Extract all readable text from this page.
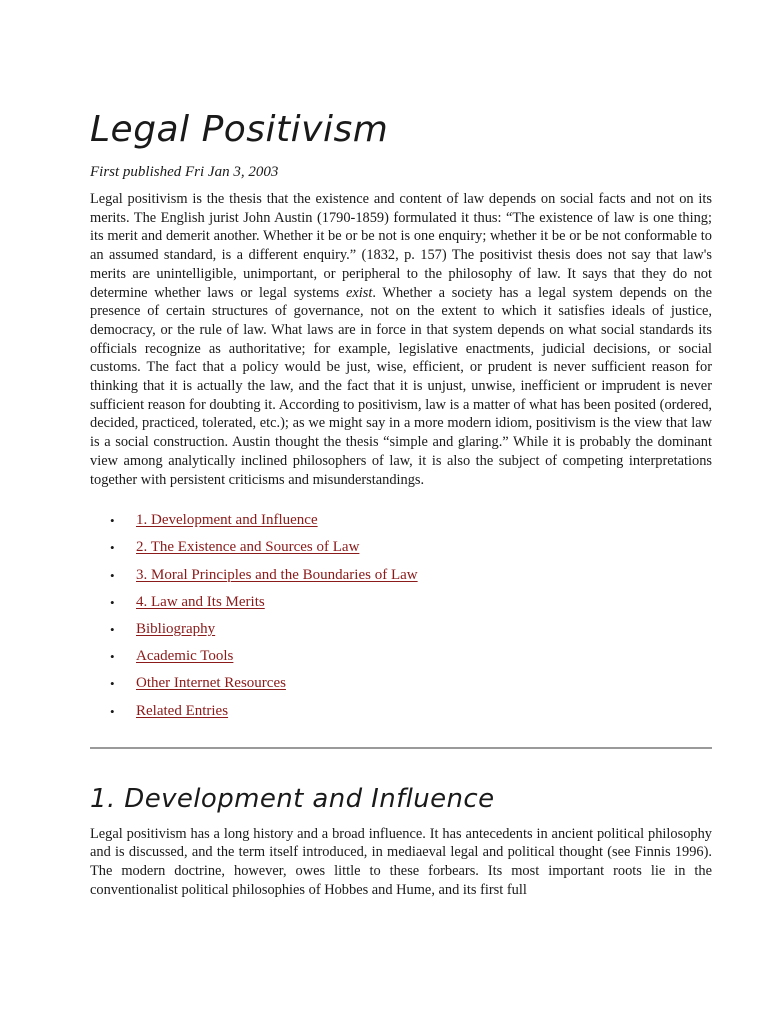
Legal Positivism

First published Fri Jan 3, 2003

Legal positivism is the thesis that the existence and content of law depends on social facts and not on its merits. The English jurist John Austin (1790-1859) formulated it thus: “The existence of law is one thing; its merit and demerit another. Whether it be or be not is one enquiry; whether it be or be not conformable to an assumed standard, is a different enquiry.” (1832, p. 157) The positivist thesis does not say that law's merits are unintelligible, unimportant, or peripheral to the philosophy of law. It says that they do not determine whether laws or legal systems exist. Whether a society has a legal system depends on the presence of certain structures of governance, not on the extent to which it satisfies ideals of justice, democracy, or the rule of law. What laws are in force in that system depends on what social standards its officials recognize as authoritative; for example, legislative enactments, judicial decisions, or social customs. The fact that a policy would be just, wise, efficient, or prudent is never sufficient reason for thinking that it is actually the law, and the fact that it is unjust, unwise, inefficient or imprudent is never sufficient reason for doubting it. According to positivism, law is a matter of what has been posited (ordered, decided, practiced, tolerated, etc.); as we might say in a more modern idiom, positivism is the view that law is a social construction. Austin thought the thesis “simple and glaring.” While it is probably the dominant view among analytically inclined philosophers of law, it is also the subject of competing interpretations together with persistent criticisms and misunderstandings.

• 1. Development and Influence
• 2. The Existence and Sources of Law
• 3. Moral Principles and the Boundaries of Law
• 4. Law and Its Merits
• Bibliography
• Academic Tools
• Other Internet Resources
• Related Entries
1. Development and Influence

Legal positivism has a long history and a broad influence. It has antecedents in ancient political philosophy and is discussed, and the term itself introduced, in mediaeval legal and political thought (see Finnis 1996). The modern doctrine, however, owes little to these forbears. Its most important roots lie in the conventionalist political philosophies of Hobbes and Hume, and its first full
